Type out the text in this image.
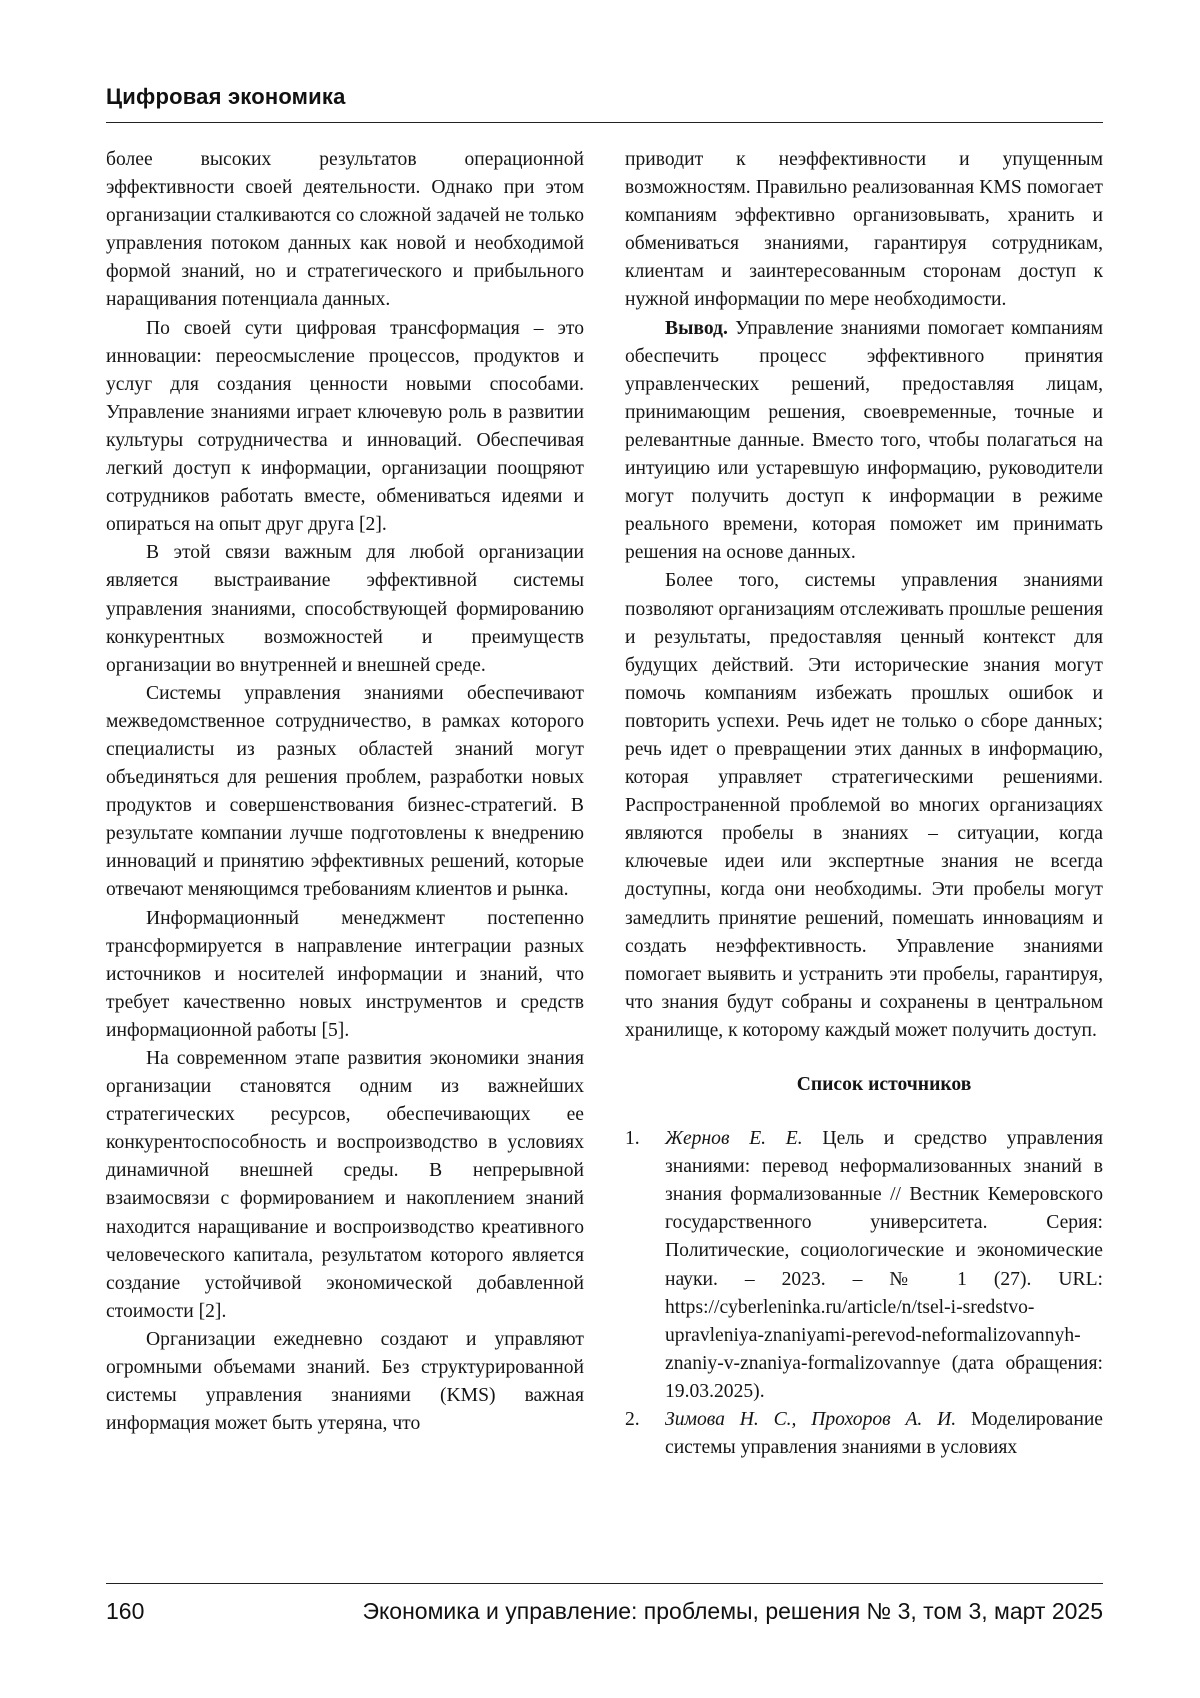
Цифровая экономика

более высоких результатов операционной эффективности своей деятельности. Однако при этом организации сталкиваются со сложной задачей не только управления потоком данных как новой и необходимой формой знаний, но и стратегического и прибыльного наращивания потенциала данных.

По своей сути цифровая трансформация – это инновации: переосмысление процессов, продуктов и услуг для создания ценности новыми способами. Управление знаниями играет ключевую роль в развитии культуры сотрудничества и инноваций. Обеспечивая легкий доступ к информации, организации поощряют сотрудников работать вместе, обмениваться идеями и опираться на опыт друг друга [2].

В этой связи важным для любой организации является выстраивание эффективной системы управления знаниями, способствующей формированию конкурентных возможностей и преимуществ организации во внутренней и внешней среде.

Системы управления знаниями обеспечивают межведомственное сотрудничество, в рамках которого специалисты из разных областей знаний могут объединяться для решения проблем, разработки новых продуктов и совершенствования бизнес-стратегий. В результате компании лучше подготовлены к внедрению инноваций и принятию эффективных решений, которые отвечают меняющимся требованиям клиентов и рынка.

Информационный менеджмент постепенно трансформируется в направление интеграции разных источников и носителей информации и знаний, что требует качественно новых инструментов и средств информационной работы [5].

На современном этапе развития экономики знания организации становятся одним из важнейших стратегических ресурсов, обеспечивающих ее конкурентоспособность и воспроизводство в условиях динамичной внешней среды. В непрерывной взаимосвязи с формированием и накоплением знаний находится наращивание и воспроизводство креативного человеческого капитала, результатом которого является создание устойчивой экономической добавленной стоимости [2].

Организации ежедневно создают и управляют огромными объемами знаний. Без структурированной системы управления знаниями (KMS) важная информация может быть утеряна, что

приводит к неэффективности и упущенным возможностям. Правильно реализованная KMS помогает компаниям эффективно организовывать, хранить и обмениваться знаниями, гарантируя сотрудникам, клиентам и заинтересованным сторонам доступ к нужной информации по мере необходимости.

Вывод. Управление знаниями помогает компаниям обеспечить процесс эффективного принятия управленческих решений, предоставляя лицам, принимающим решения, своевременные, точные и релевантные данные. Вместо того, чтобы полагаться на интуицию или устаревшую информацию, руководители могут получить доступ к информации в режиме реального времени, которая поможет им принимать решения на основе данных.

Более того, системы управления знаниями позволяют организациям отслеживать прошлые решения и результаты, предоставляя ценный контекст для будущих действий. Эти исторические знания могут помочь компаниям избежать прошлых ошибок и повторить успехи. Речь идет не только о сборе данных; речь идет о превращении этих данных в информацию, которая управляет стратегическими решениями. Распространенной проблемой во многих организациях являются пробелы в знаниях – ситуации, когда ключевые идеи или экспертные знания не всегда доступны, когда они необходимы. Эти пробелы могут замедлить принятие решений, помешать инновациям и создать неэффективность. Управление знаниями помогает выявить и устранить эти пробелы, гарантируя, что знания будут собраны и сохранены в центральном хранилище, к которому каждый может получить доступ.

Список источников

1. Жернов Е. Е. Цель и средство управления знаниями: перевод неформализованных знаний в знания формализованные // Вестник Кемеровского государственного университета. Серия: Политические, социологические и экономические науки. – 2023. – № 1 (27). URL: https://cyberleninka.ru/article/n/tsel-i-sredstvo-upravleniya-znaniyami-perevod-neformalizovannyh-znaniy-v-znaniya-formalizovannye (дата обращения: 19.03.2025).
2. Зимова Н. С., Прохоров А. И. Моделирование системы управления знаниями в условиях
160	Экономика и управление: проблемы, решения № 3, том 3, март 2025
